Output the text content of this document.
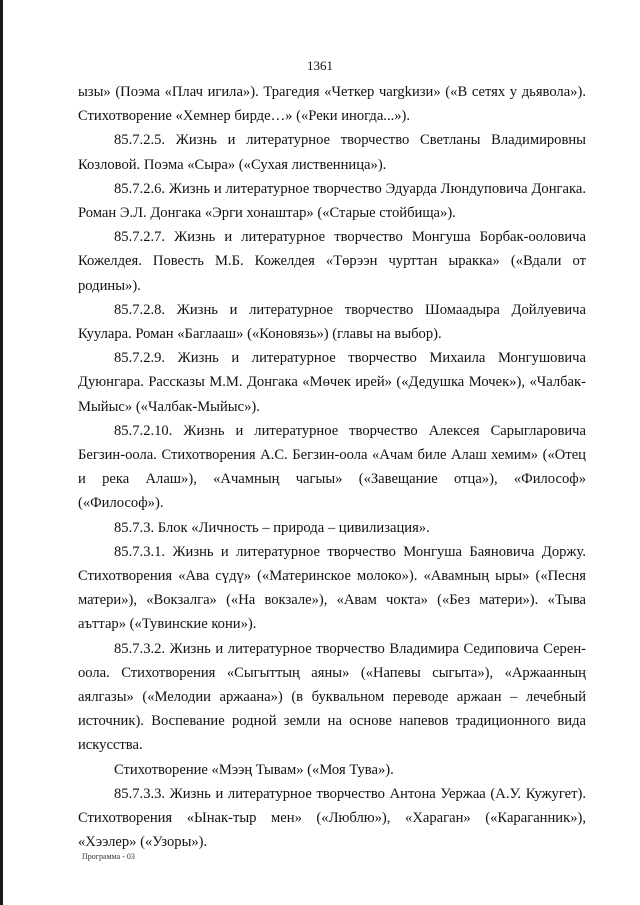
1361

ызы» (Поэма «Плач игила»). Трагедия «Четкер чargkизи» («В сетях у дьявола»). Стихотворение «Хемнер бирде…» («Реки иногда...»).

85.7.2.5. Жизнь и литературное творчество Светланы Владимировны Козловой. Поэма «Сыра» («Сухая лиственница»).

85.7.2.6. Жизнь и литературное творчество Эдуарда Люндуповича Донгака. Роман Э.Л. Донгака «Эрги хонаштар» («Старые стойбища»).

85.7.2.7. Жизнь и литературное творчество Монгуша Борбак-ооловича Кожелдея. Повесть М.Б. Кожелдея «Төрээн чурттан ыракка» («Вдали от родины»).

85.7.2.8. Жизнь и литературное творчество Шомаадыра Дойлуевича Куулара. Роман «Баглааш» («Коновязь») (главы на выбор).

85.7.2.9. Жизнь и литературное творчество Михаила Монгушовича Дуюнгара. Рассказы М.М. Донгака «Мөчек ирей» («Дедушка Мочек»), «Чалбак-Мыйыс» («Чалбак-Мыйыс»).

85.7.2.10. Жизнь и литературное творчество Алексея Сарыгларовича Бегзин-оола. Стихотворения А.С. Бегзин-оола «Ачам биле Алаш хемим» («Отец и река Алаш»), «Ачамның чагыы» («Завещание отца»), «Философ» («Философ»).

85.7.3. Блок «Личность – природа – цивилизация».

85.7.3.1. Жизнь и литературное творчество Монгуша Баяновича Доржу. Стихотворения «Ава сүдү» («Материнское молоко»). «Авамның ыры» («Песня матери»), «Вокзалга» («На вокзале»), «Авам чокта» («Без матери»). «Тыва аъттар» («Тувинские кони»).

85.7.3.2. Жизнь и литературное творчество Владимира Седиповича Серен-оола. Стихотворения «Сыгыттың аяны» («Напевы сыгыта»), «Аржаанның аялгазы» («Мелодии аржаана») (в буквальном переводе аржаан – лечебный источник). Воспевание родной земли на основе напевов традиционного вида искусства.

Стихотворение «Мээң Тывам» («Моя Тува»).

85.7.3.3. Жизнь и литературное творчество Антона Уержаа (А.У. Кужугет). Стихотворения «Ынак-тыр мен» («Люблю»), «Хараган» («Караганник»), «Хээлер» («Узоры»).

Программа - 03
